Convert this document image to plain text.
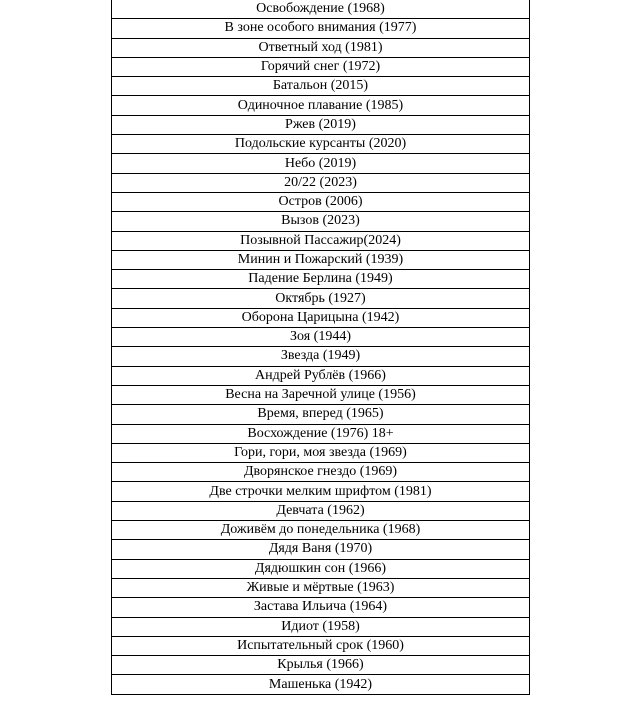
Освобождение (1968)
В зоне особого внимания (1977)
Ответный ход (1981)
Горячий снег (1972)
Батальон (2015)
Одиночное плавание (1985)
Ржев (2019)
Подольские курсанты (2020)
Небо (2019)
20/22 (2023)
Остров (2006)
Вызов (2023)
Позывной Пассажир(2024)
Минин и Пожарский (1939)
Падение Берлина (1949)
Октябрь (1927)
Оборона Царицына (1942)
Зоя (1944)
Звезда (1949)
Андрей Рублёв (1966)
Весна на Заречной улице (1956)
Время, вперед (1965)
Восхождение (1976) 18+
Гори, гори, моя звезда (1969)
Дворянское гнездо (1969)
Две строчки мелким шрифтом (1981)
Девчата (1962)
Доживём до понедельника (1968)
Дядя Ваня (1970)
Дядюшкин сон (1966)
Живые и мёртвые (1963)
Застава Ильича (1964)
Идиот (1958)
Испытательный срок (1960)
Крылья (1966)
Машенька (1942)
